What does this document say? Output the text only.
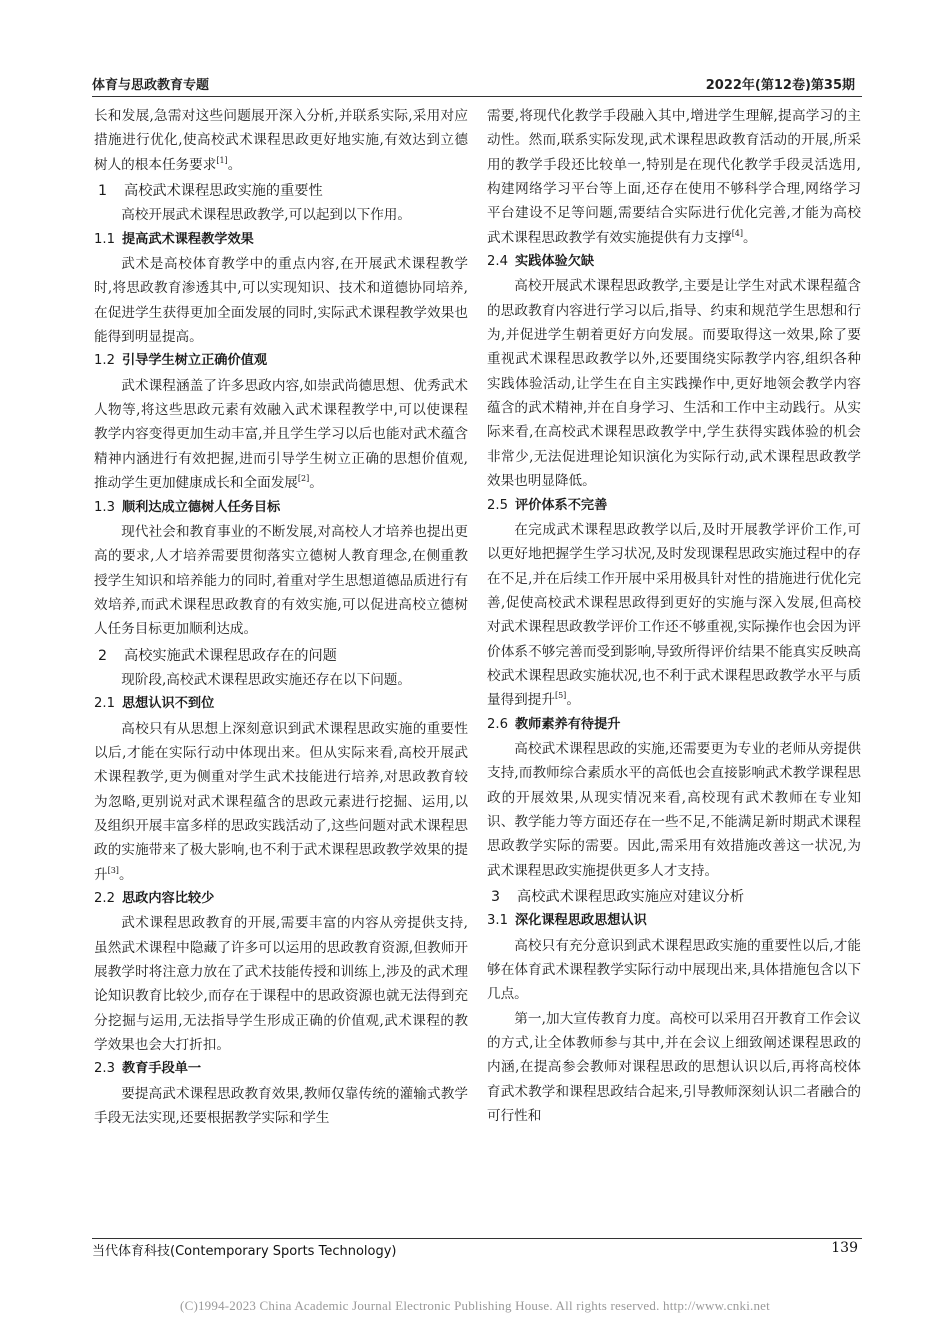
体育与思政教育专题	2022年(第12卷)第35期

长和发展,急需对这些问题展开深入分析,并联系实际,采用对应措施进行优化,使高校武术课程思政更好地实施,有效达到立德树人的根本任务要求[1]。

1 高校武术课程思政实施的重要性

高校开展武术课程思政教学,可以起到以下作用。

1.1 提高武术课程教学效果

武术是高校体育教学中的重点内容,在开展武术课程教学时,将思政教育渗透其中,可以实现知识、技术和道德协同培养,在促进学生获得更加全面发展的同时,实际武术课程教学效果也能得到明显提高。

1.2 引导学生树立正确价值观

武术课程涵盖了许多思政内容,如崇武尚德思想、优秀武术人物等,将这些思政元素有效融入武术课程教学中,可以使课程教学内容变得更加生动丰富,并且学生学习以后也能对武术蕴含精神内涵进行有效把握,进而引导学生树立正确的思想价值观,推动学生更加健康成长和全面发展[2]。

1.3 顺利达成立德树人任务目标

现代社会和教育事业的不断发展,对高校人才培养也提出更高的要求,人才培养需要贯彻落实立德树人教育理念,在侧重教授学生知识和培养能力的同时,着重对学生思想道德品质进行有效培养,而武术课程思政教育的有效实施,可以促进高校立德树人任务目标更加顺利达成。

2 高校实施武术课程思政存在的问题

现阶段,高校武术课程思政实施还存在以下问题。

2.1 思想认识不到位

高校只有从思想上深刻意识到武术课程思政实施的重要性以后,才能在实际行动中体现出来。但从实际来看,高校开展武术课程教学,更为侧重对学生武术技能进行培养,对思政教育较为忽略,更别说对武术课程蕴含的思政元素进行挖掘、运用,以及组织开展丰富多样的思政实践活动了,这些问题对武术课程思政的实施带来了极大影响,也不利于武术课程思政教学效果的提升[3]。

2.2 思政内容比较少

武术课程思政教育的开展,需要丰富的内容从旁提供支持,虽然武术课程中隐藏了许多可以运用的思政教育资源,但教师开展教学时将注意力放在了武术技能传授和训练上,涉及的武术理论知识教育比较少,而存在于课程中的思政资源也就无法得到充分挖掘与运用,无法指导学生形成正确的价值观,武术课程的教学效果也会大打折扣。

2.3 教育手段单一

要提高武术课程思政教育效果,教师仅靠传统的灌输式教学手段无法实现,还要根据教学实际和学生

需要,将现代化教学手段融入其中,增进学生理解,提高学习的主动性。然而,联系实际发现,武术课程思政教育活动的开展,所采用的教学手段还比较单一,特别是在现代化教学手段灵活选用,构建网络学习平台等上面,还存在使用不够科学合理,网络学习平台建设不足等问题,需要结合实际进行优化完善,才能为高校武术课程思政教学有效实施提供有力支撑[4]。

2.4 实践体验欠缺

高校开展武术课程思政教学,主要是让学生对武术课程蕴含的思政教育内容进行学习以后,指导、约束和规范学生思想和行为,并促进学生朝着更好方向发展。而要取得这一效果,除了要重视武术课程思政教学以外,还要围绕实际教学内容,组织各种实践体验活动,让学生在自主实践操作中,更好地领会教学内容蕴含的武术精神,并在自身学习、生活和工作中主动践行。从实际来看,在高校武术课程思政教学中,学生获得实践体验的机会非常少,无法促进理论知识演化为实际行动,武术课程思政教学效果也明显降低。

2.5 评价体系不完善

在完成武术课程思政教学以后,及时开展教学评价工作,可以更好地把握学生学习状况,及时发现课程思政实施过程中的存在不足,并在后续工作开展中采用极具针对性的措施进行优化完善,促使高校武术课程思政得到更好的实施与深入发展,但高校对武术课程思政教学评价工作还不够重视,实际操作也会因为评价体系不够完善而受到影响,导致所得评价结果不能真实反映高校武术课程思政实施状况,也不利于武术课程思政教学水平与质量得到提升[5]。

2.6 教师素养有待提升

高校武术课程思政的实施,还需要更为专业的老师从旁提供支持,而教师综合素质水平的高低也会直接影响武术教学课程思政的开展效果,从现实情况来看,高校现有武术教师在专业知识、教学能力等方面还存在一些不足,不能满足新时期武术课程思政教学实际的需要。因此,需采用有效措施改善这一状况,为武术课程思政实施提供更多人才支持。

3 高校武术课程思政实施应对建议分析
3.1 深化课程思政思想认识

高校只有充分意识到武术课程思政实施的重要性以后,才能够在体育武术课程教学实际行动中展现出来,具体措施包含以下几点。

第一,加大宣传教育力度。高校可以采用召开教育工作会议的方式,让全体教师参与其中,并在会议上细致阐述课程思政的内涵,在提高参会教师对课程思政的思想认识以后,再将高校体育武术教学和课程思政结合起来,引导教师深刻认识二者融合的可行性和

当代体育科技(Contemporary Sports Technology)	139
(C)1994-2023 China Academic Journal Electronic Publishing House. All rights reserved. http://www.cnki.net
